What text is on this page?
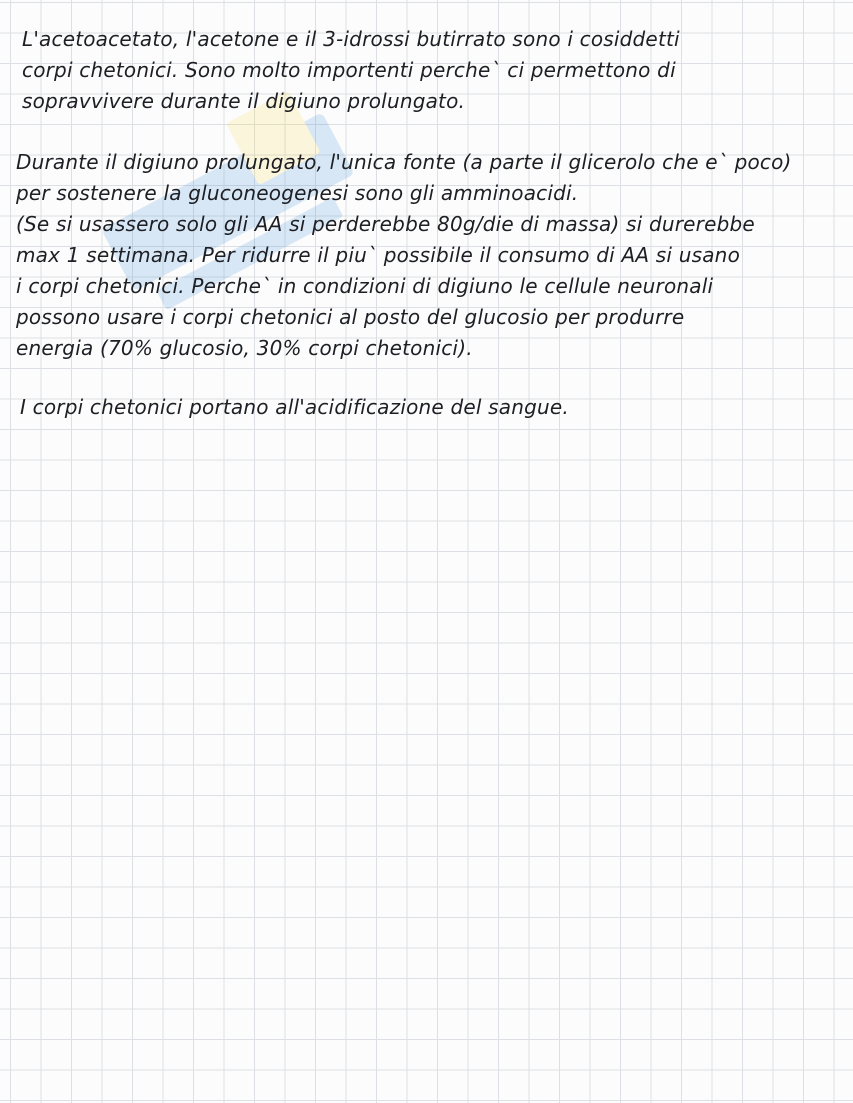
L'acetoacetato, l'acetone e il 3-idrossi butirrato sono i cosiddetti
corpi chetonici. Sono molto importenti perche` ci permettono di
sopravvivere durante il digiuno prolungato.
Durante il digiuno prolungato, l'unica fonte (a parte il glicerolo che e` poco)
per sostenere la gluconeogenesi sono gli amminoacidi.
(Se si usassero solo gli AA si perderebbe 80g/die di massa) si durerebbe
max 1 settimana. Per ridurre il piu` possibile il consumo di AA si usano
i corpi chetonici. Perche` in condizioni di digiuno le cellule neuronali
possono usare i corpi chetonici al posto del glucosio per produrre
energia (70% glucosio, 30% corpi chetonici).
I corpi chetonici portano all'acidificazione del sangue.
